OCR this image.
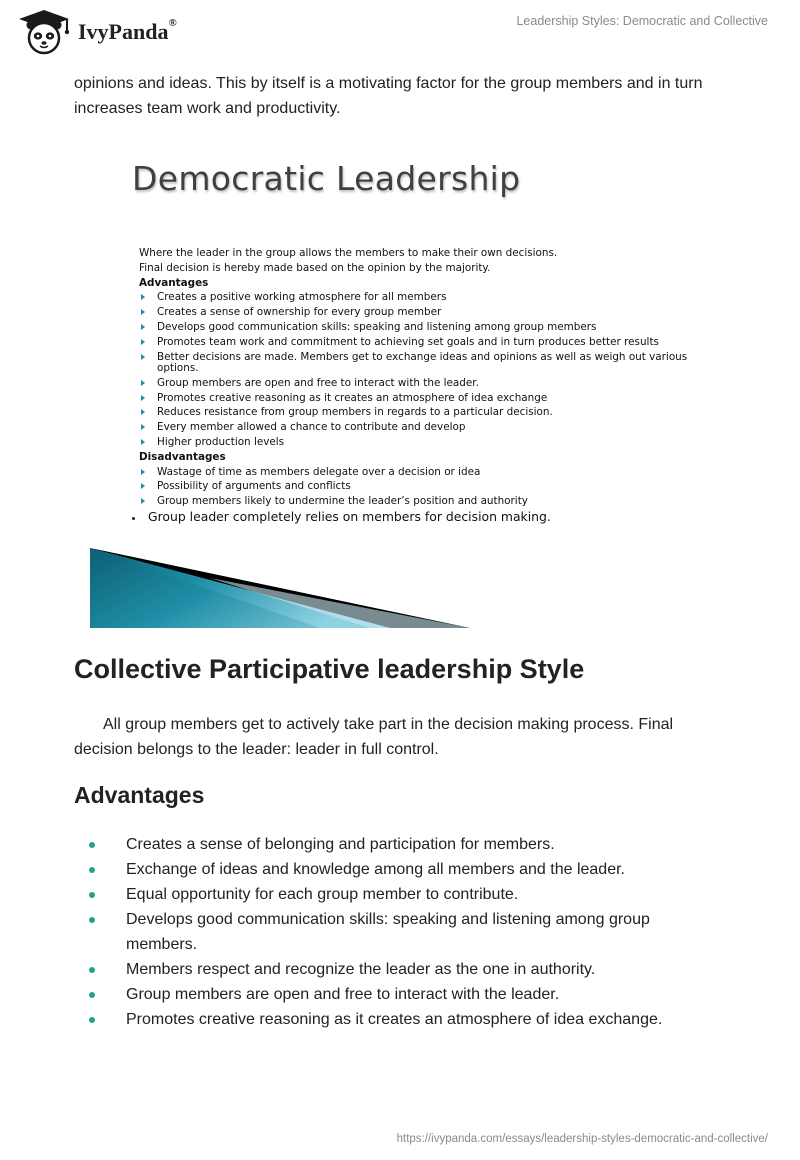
IvyPanda®	Leadership Styles: Democratic and Collective

opinions and ideas. This by itself is a motivating factor for the group members and in turn increases team work and productivity.

Democratic Leadership

Where the leader in the group allows the members to make their own decisions.

Final decision is hereby made based on the opinion by the majority.

Advantages

Creates a positive working atmosphere for all members
Creates a sense of ownership for every group member
Develops good communication skills: speaking and listening among group members
Promotes team work and commitment to achieving set goals and in turn produces better results
Better decisions are made. Members get to exchange ideas and opinions as well as weigh out various options.
Group members are open and free to interact with the leader.
Promotes creative reasoning as it creates an atmosphere of idea exchange
Reduces resistance from group members in regards to a particular decision.
Every member allowed a chance to contribute and develop
Higher production levels

Disadvantages

Wastage of time as members delegate over a decision or idea
Possibility of arguments and conflicts
Group members likely to undermine the leader’s position and authority
Group leader completely relies on members for decision making.
Collective Participative leadership Style

All group members get to actively take part in the decision making process. Final decision belongs to the leader: leader in full control.

Advantages
Creates a sense of belonging and participation for members.
Exchange of ideas and knowledge among all members and the leader.
Equal opportunity for each group member to contribute.
Develops good communication skills: speaking and listening among group members.
Members respect and recognize the leader as the one in authority.
Group members are open and free to interact with the leader.
Promotes creative reasoning as it creates an atmosphere of idea exchange.
https://ivypanda.com/essays/leadership-styles-democratic-and-collective/
